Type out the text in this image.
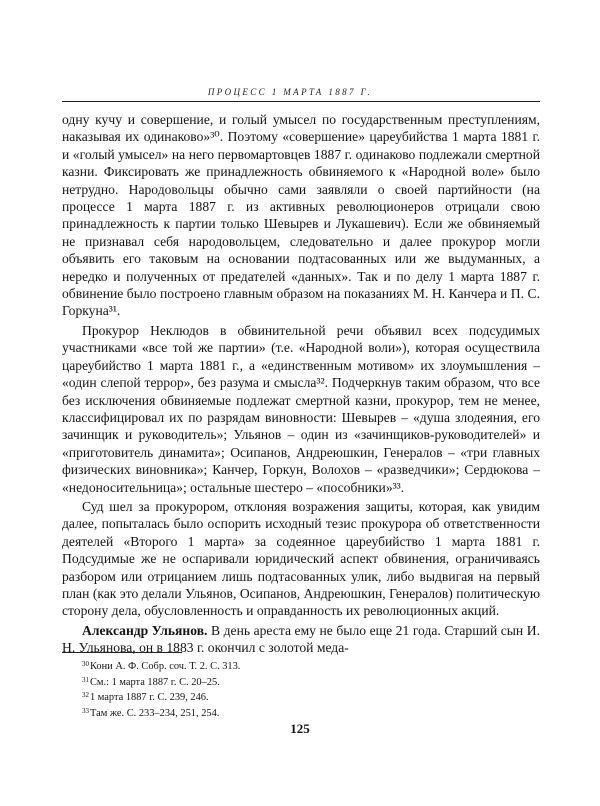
ПРОЦЕСС 1 МАРТА 1887 Г.

одну кучу и совершение, и голый умысел по государственным преступлениям, наказывая их одинаково»³⁰. Поэтому «совершение» цареубийства 1 марта 1881 г. и «голый умысел» на него первомартовцев 1887 г. одинаково подлежали смертной казни. Фиксировать же принадлежность обвиняемого к «Народной воле» было нетрудно. Народовольцы обычно сами заявляли о своей партийности (на процессе 1 марта 1887 г. из активных революционеров отрицали свою принадлежность к партии только Шевырев и Лукашевич). Если же обвиняемый не признавал себя народовольцем, следовательно и далее прокурор могли объявить его таковым на основании подтасованных или же выдуманных, а нередко и полученных от предателей «данных». Так и по делу 1 марта 1887 г. обвинение было построено главным образом на показаниях М. Н. Канчера и П. С. Горкуна³¹.

Прокурор Неклюдов в обвинительной речи объявил всех подсудимых участниками «все той же партии» (т.е. «Народной воли»), которая осуществила цареубийство 1 марта 1881 г., а «единственным мотивом» их злоумышления – «один слепой террор», без разума и смысла³². Подчеркнув таким образом, что все без исключения обвиняемые подлежат смертной казни, прокурор, тем не менее, классифицировал их по разрядам виновности: Шевырев – «душа злодеяния, его зачинщик и руководитель»; Ульянов – один из «зачинщиков-руководителей» и «приготовитель динамита»; Осипанов, Андреюшкин, Генералов – «три главных физических виновника»; Канчер, Горкун, Волохов – «разведчики»; Сердюкова – «недоносительница»; остальные шестеро – «пособники»³³.

Суд шел за прокурором, отклоняя возражения защиты, которая, как увидим далее, попыталась было оспорить исходный тезис прокурора об ответственности деятелей «Второго 1 марта» за содеянное цареубийство 1 марта 1881 г. Подсудимые же не оспаривали юридический аспект обвинения, ограничиваясь разбором или отрицанием лишь подтасованных улик, либо выдвигая на первый план (как это делали Ульянов, Осипанов, Андреюшкин, Генералов) политическую сторону дела, обусловленность и оправданность их революционных акций.

Александр Ульянов. В день ареста ему не было еще 21 года. Старший сын И. Н. Ульянова, он в 1883 г. окончил с золотой меда-

$^{30}$Кони А. Ф. Собр. соч. Т. 2. С. 313.
$^{31}$См.: 1 марта 1887 г. С. 20–25.
$^{32}$1 марта 1887 г. С. 239, 246.
$^{33}$Там же. С. 233–234, 251, 254.
125
